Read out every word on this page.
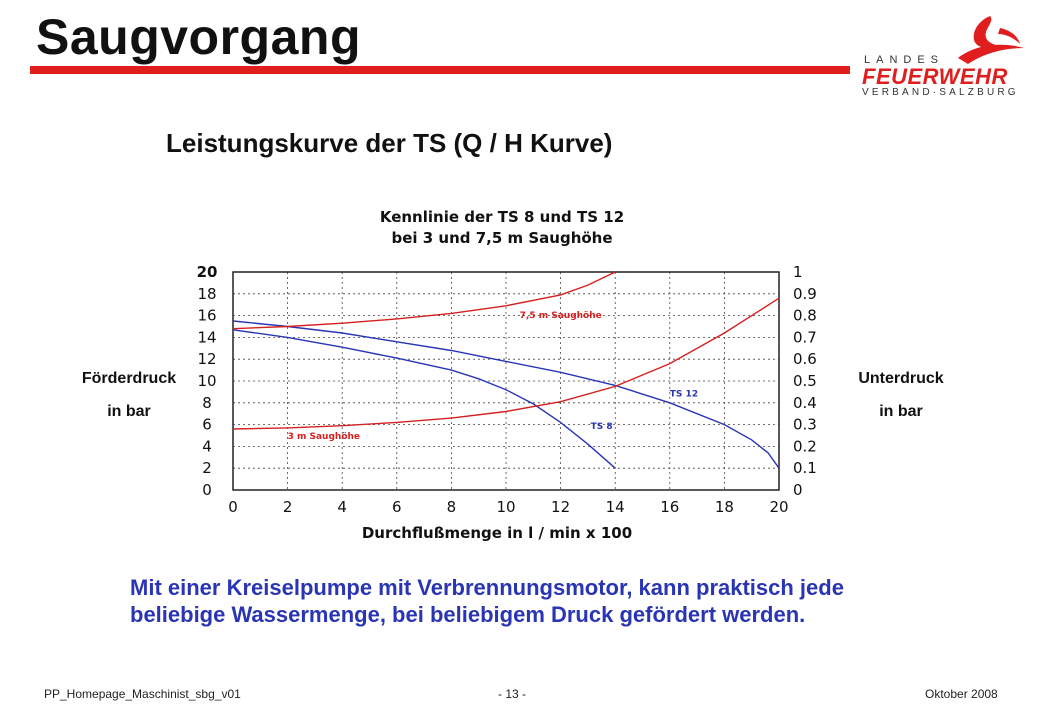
Saugvorgang	LANDES
FEUERWEHR
VERBAND·SALZBURG
Leistungskurve der TS (Q / H Kurve)
Förderdruck
in bar
Unterdruck
in bar
Kennlinie der TS 8 und TS 12
bei 3 und 7,5 m Saughöhe
0	2	4	6	8	10 12 14 16 18 20
0
2
4
6
8
10
12
14
16
18
20
0
0.1
0.2
0.3
0.4
0.5
0.6
0.7
0.8
0.9
1
7,5 m Saughöhe
3 m Saughöhe
TS 12
TS 8
Durchflußmenge in l / min x 100
Mit einer Kreiselpumpe mit Verbrennungsmotor, kann praktisch jede
beliebige Wassermenge, bei beliebigem Druck gefördert werden.
PP_Homepage_Maschinist_sbg_v01	- 13 -	Oktober 2008
